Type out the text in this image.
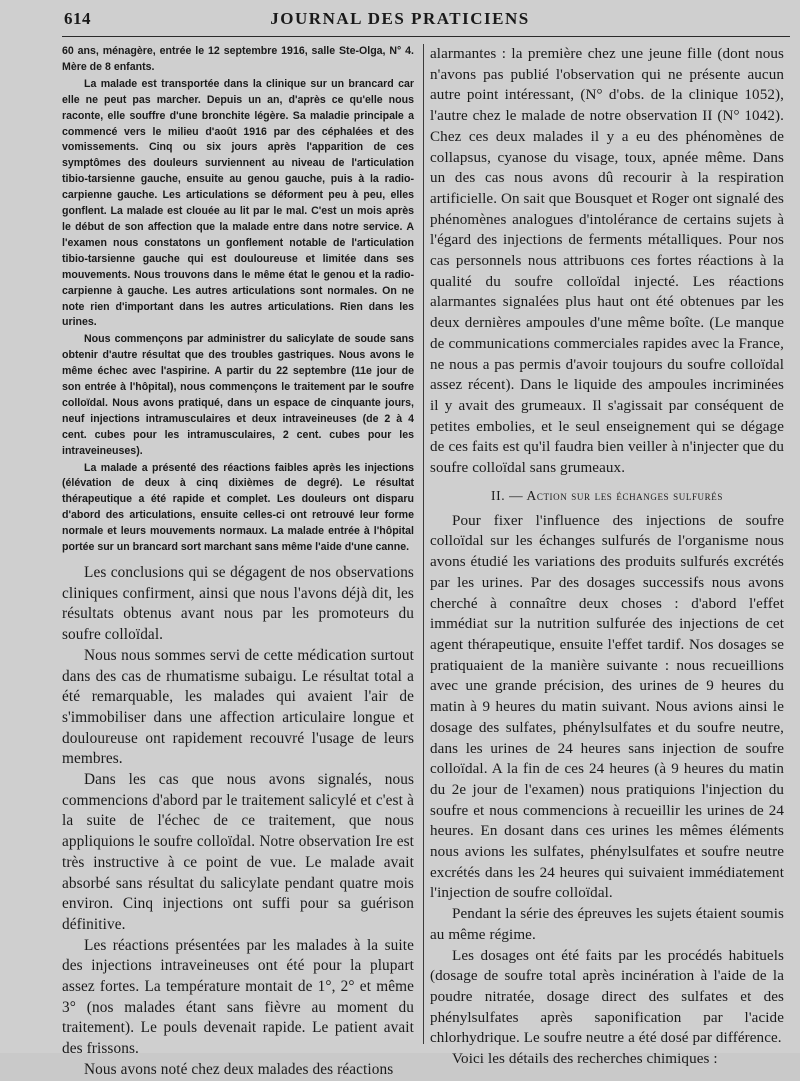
614	JOURNAL DES PRATICIENS

60 ans, ménagère, entrée le 12 septembre 1916, salle Ste-Olga, N° 4. Mère de 8 enfants.

La malade est transportée dans la clinique sur un brancard car elle ne peut pas marcher. Depuis un an, d'après ce qu'elle nous raconte, elle souffre d'une bronchite légère. Sa maladie principale a commencé vers le milieu d'août 1916 par des céphalées et des vomissements. Cinq ou six jours après l'apparition de ces symptômes des douleurs surviennent au niveau de l'articulation tibio-tarsienne gauche, ensuite au genou gauche, puis à la radio-carpienne gauche. Les articulations se déforment peu à peu, elles gonflent. La malade est clouée au lit par le mal. C'est un mois après le début de son affection que la malade entre dans notre service. A l'examen nous constatons un gonflement notable de l'articulation tibio-tarsienne gauche qui est douloureuse et limitée dans ses mouvements. Nous trouvons dans le même état le genou et la radio-carpienne à gauche. Les autres articulations sont normales. On ne note rien d'important dans les autres articulations. Rien dans les urines.

Nous commençons par administrer du salicylate de soude sans obtenir d'autre résultat que des troubles gastriques. Nous avons le même échec avec l'aspirine. A partir du 22 septembre (11e jour de son entrée à l'hôpital), nous commençons le traitement par le soufre colloïdal. Nous avons pratiqué, dans un espace de cinquante jours, neuf injections intramusculaires et deux intraveineuses (de 2 à 4 cent. cubes pour les intramusculaires, 2 cent. cubes pour les intraveineuses).

La malade a présenté des réactions faibles après les injections (élévation de deux à cinq dixièmes de degré). Le résultat thérapeutique a été rapide et complet. Les douleurs ont disparu d'abord des articulations, ensuite celles-ci ont retrouvé leur forme normale et leurs mouvements normaux. La malade entrée à l'hôpital portée sur un brancard sort marchant sans même l'aide d'une canne.

Les conclusions qui se dégagent de nos observations cliniques confirment, ainsi que nous l'avons déjà dit, les résultats obtenus avant nous par les promoteurs du soufre colloïdal.

Nous nous sommes servi de cette médication surtout dans des cas de rhumatisme subaigu. Le résultat total a été remarquable, les malades qui avaient l'air de s'immobiliser dans une affection articulaire longue et douloureuse ont rapidement recouvré l'usage de leurs membres.

Dans les cas que nous avons signalés, nous commencions d'abord par le traitement salicylé et c'est à la suite de l'échec de ce traitement, que nous appliquions le soufre colloïdal. Notre observation Ire est très instructive à ce point de vue. Le malade avait absorbé sans résultat du salicylate pendant quatre mois environ. Cinq injections ont suffi pour sa guérison définitive.

Les réactions présentées par les malades à la suite des injections intraveineuses ont été pour la plupart assez fortes. La température montait de 1°, 2° et même 3° (nos malades étant sans fièvre au moment du traitement). Le pouls devenait rapide. Le patient avait des frissons.

Nous avons noté chez deux malades des réactions

alarmantes : la première chez une jeune fille (dont nous n'avons pas publié l'observation qui ne présente aucun autre point intéressant, (N° d'obs. de la clinique 1052), l'autre chez le malade de notre observation II (N° 1042). Chez ces deux malades il y a eu des phénomènes de collapsus, cyanose du visage, toux, apnée même. Dans un des cas nous avons dû recourir à la respiration artificielle. On sait que Bousquet et Roger ont signalé des phénomènes analogues d'intolérance de certains sujets à l'égard des injections de ferments métalliques. Pour nos cas personnels nous attribuons ces fortes réactions à la qualité du soufre colloïdal injecté. Les réactions alarmantes signalées plus haut ont été obtenues par les deux dernières ampoules d'une même boîte. (Le manque de communications commerciales rapides avec la France, ne nous a pas permis d'avoir toujours du soufre colloïdal assez récent). Dans le liquide des ampoules incriminées il y avait des grumeaux. Il s'agissait par conséquent de petites embolies, et le seul enseignement qui se dégage de ces faits est qu'il faudra bien veiller à n'injecter que du soufre colloïdal sans grumeaux.

II. — Action sur les échanges sulfurés

Pour fixer l'influence des injections de soufre colloïdal sur les échanges sulfurés de l'organisme nous avons étudié les variations des produits sulfurés excrétés par les urines. Par des dosages successifs nous avons cherché à connaître deux choses : d'abord l'effet immédiat sur la nutrition sulfurée des injections de cet agent thérapeutique, ensuite l'effet tardif. Nos dosages se pratiquaient de la manière suivante : nous recueillions avec une grande précision, des urines de 9 heures du matin à 9 heures du matin suivant. Nous avions ainsi le dosage des sulfates, phénylsulfates et du soufre neutre, dans les urines de 24 heures sans injection de soufre colloïdal. A la fin de ces 24 heures (à 9 heures du matin du 2e jour de l'examen) nous pratiquions l'injection du soufre et nous commencions à recueillir les urines de 24 heures. En dosant dans ces urines les mêmes éléments nous avions les sulfates, phénylsulfates et soufre neutre excrétés dans les 24 heures qui suivaient immédiatement l'injection de soufre colloïdal.

Pendant la série des épreuves les sujets étaient soumis au même régime.

Les dosages ont été faits par les procédés habituels (dosage de soufre total après incinération à l'aide de la poudre nitratée, dosage direct des sulfates et des phénylsulfates après saponification par l'acide chlorhydrique. Le soufre neutre a été dosé par différence.

Voici les détails des recherches chimiques :
